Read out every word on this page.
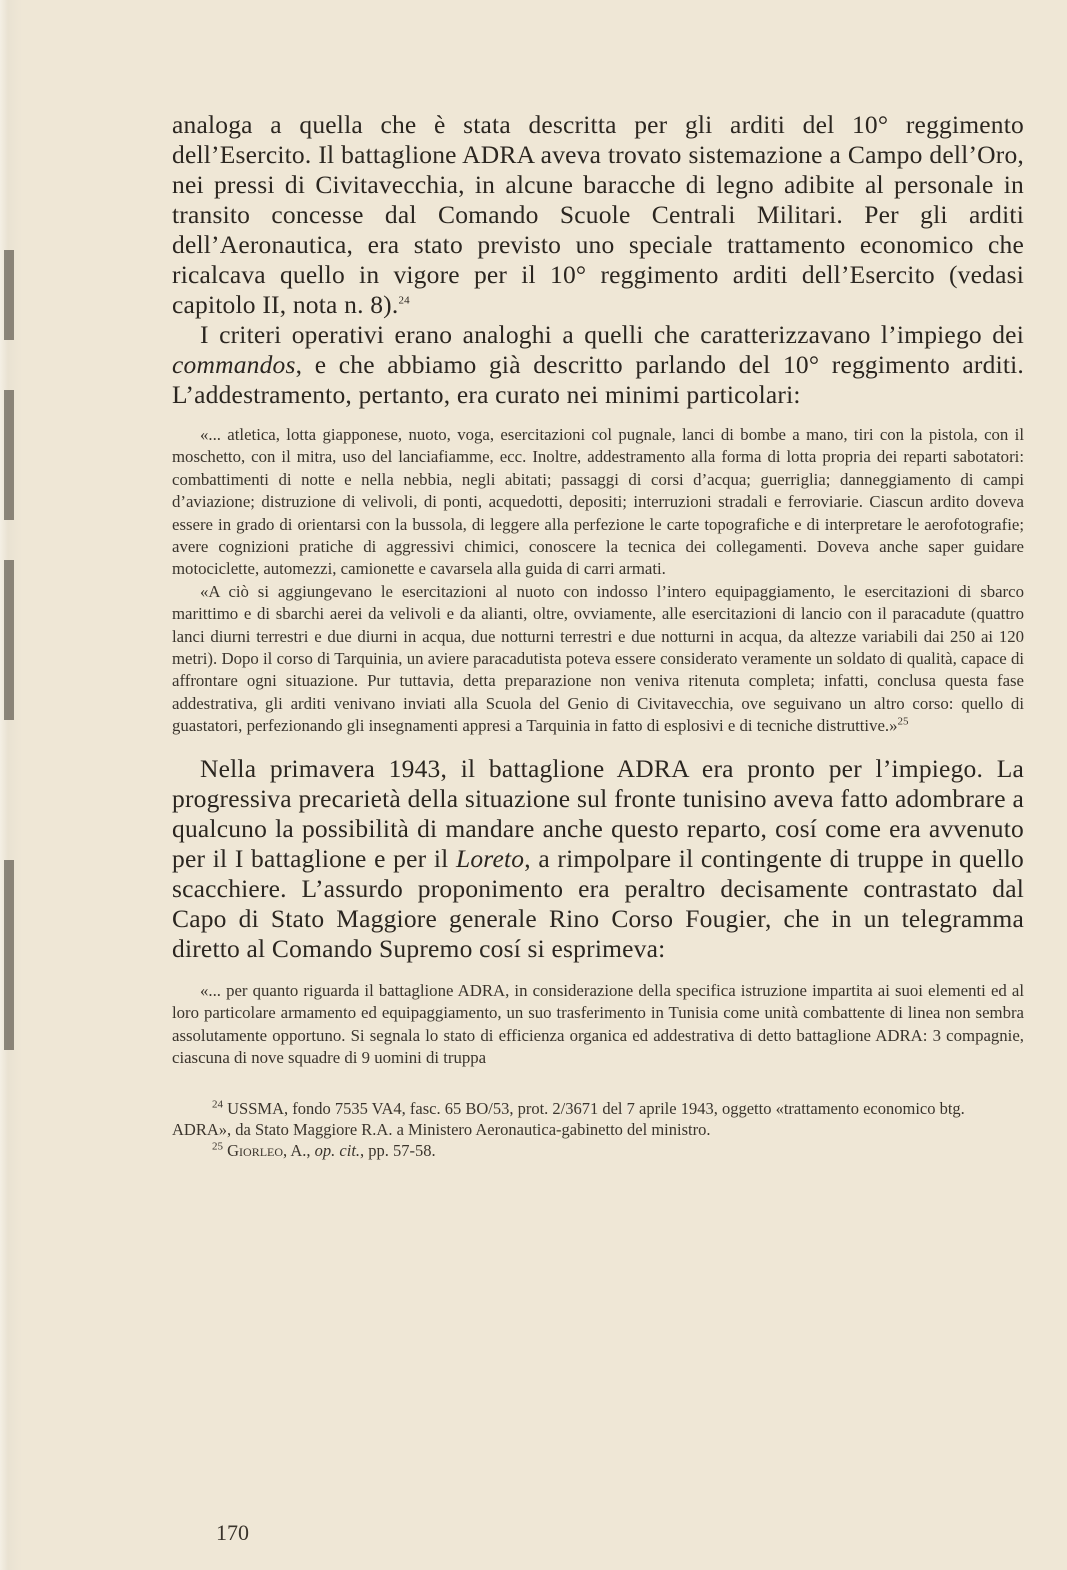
analoga a quella che è stata descritta per gli arditi del 10° reggimento dell’Esercito. Il battaglione ADRA aveva trovato sistemazione a Campo dell’Oro, nei pressi di Civitavecchia, in alcune baracche di legno adibite al personale in transito concesse dal Comando Scuole Centrali Militari. Per gli arditi dell’Aeronautica, era stato previsto uno speciale trattamento economico che ricalcava quello in vigore per il 10° reggimento arditi dell’Esercito (vedasi capitolo II, nota n. 8).$^{24}$

I criteri operativi erano analoghi a quelli che caratterizzavano l’impiego dei commandos, e che abbiamo già descritto parlando del 10° reggimento arditi. L’addestramento, pertanto, era curato nei minimi particolari:

«... atletica, lotta giapponese, nuoto, voga, esercitazioni col pugnale, lanci di bombe a mano, tiri con la pistola, con il moschetto, con il mitra, uso del lanciafiamme, ecc. Inoltre, addestramento alla forma di lotta propria dei reparti sabotatori: combattimenti di notte e nella nebbia, negli abitati; passaggi di corsi d’acqua; guerriglia; danneggiamento di campi d’aviazione; distruzione di velivoli, di ponti, acquedotti, depositi; interruzioni stradali e ferroviarie. Ciascun ardito doveva essere in grado di orientarsi con la bussola, di leggere alla perfezione le carte topografiche e di interpretare le aerofotografie; avere cognizioni pratiche di aggressivi chimici, conoscere la tecnica dei collegamenti. Doveva anche saper guidare motociclette, automezzi, camionette e cavarsela alla guida di carri armati.

«A ciò si aggiungevano le esercitazioni al nuoto con indosso l’intero equipaggiamento, le esercitazioni di sbarco marittimo e di sbarchi aerei da velivoli e da alianti, oltre, ovviamente, alle esercitazioni di lancio con il paracadute (quattro lanci diurni terrestri e due diurni in acqua, due notturni terrestri e due notturni in acqua, da altezze variabili dai 250 ai 120 metri). Dopo il corso di Tarquinia, un aviere paracadutista poteva essere considerato veramente un soldato di qualità, capace di affrontare ogni situazione. Pur tuttavia, detta preparazione non veniva ritenuta completa; infatti, conclusa questa fase addestrativa, gli arditi venivano inviati alla Scuola del Genio di Civitavecchia, ove seguivano un altro corso: quello di guastatori, perfezionando gli insegnamenti appresi a Tarquinia in fatto di esplosivi e di tecniche distruttive.»$^{25}$

Nella primavera 1943, il battaglione ADRA era pronto per l’impiego. La progressiva precarietà della situazione sul fronte tunisino aveva fatto adombrare a qualcuno la possibilità di mandare anche questo reparto, cosí come era avvenuto per il I battaglione e per il Loreto, a rimpolpare il contingente di truppe in quello scacchiere. L’assurdo proponimento era peraltro decisamente contrastato dal Capo di Stato Maggiore generale Rino Corso Fougier, che in un telegramma diretto al Comando Supremo cosí si esprimeva:

«... per quanto riguarda il battaglione ADRA, in considerazione della specifica istruzione impartita ai suoi elementi ed al loro particolare armamento ed equipaggiamento, un suo trasferimento in Tunisia come unità combattente di linea non sembra assolutamente opportuno. Si segnala lo stato di efficienza organica ed addestrativa di detto battaglione ADRA: 3 compagnie, ciascuna di nove squadre di 9 uomini di truppa

$^{24}$ USSMA, fondo 7535 VA4, fasc. 65 BO/53, prot. 2/3671 del 7 aprile 1943, oggetto «trattamento economico btg. ADRA», da Stato Maggiore R.A. a Ministero Aeronautica-gabinetto del ministro.

$^{25}$ Giorleo, A., op. cit., pp. 57-58.

170
